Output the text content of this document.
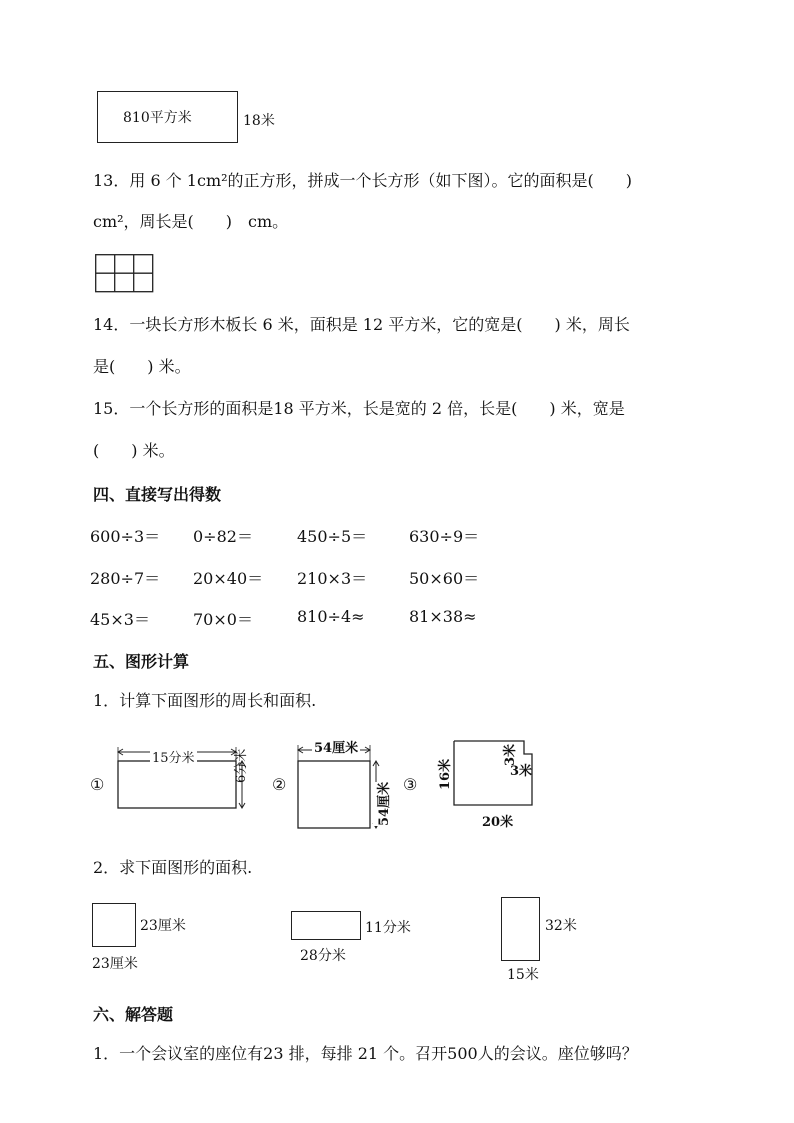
810平方米	18米
13．用 6 个 1cm²的正方形，拼成一个长方形（如下图）。它的面积是(　　)
cm²，周长是(　　)　cm。
14．一块长方形木板长 6 米，面积是 12 平方米，它的宽是(　　) 米，周长
是(　　) 米。
15．一个长方形的面积是18 平方米，长是宽的 2 倍，长是(　　) 米，宽是
(　　) 米。
四、直接写出得数
600÷3＝ 0÷82＝	450÷5＝	630÷9＝
280÷7＝ 20×40＝ 210×3＝	50×60＝
45×3＝	70×0＝	810÷4≈	81×38≈
五、图形计算
1．计算下面图形的周长和面积.
①
15分米	6分米
②
54厘米
54厘米 ③	16米
3米
3米
20米
2．求下面图形的面积.
23厘米
23厘米
11分米
28分米
32米
15米
六、解答题
1．一个会议室的座位有23 排，每排 21 个。召开500人的会议。座位够吗？
